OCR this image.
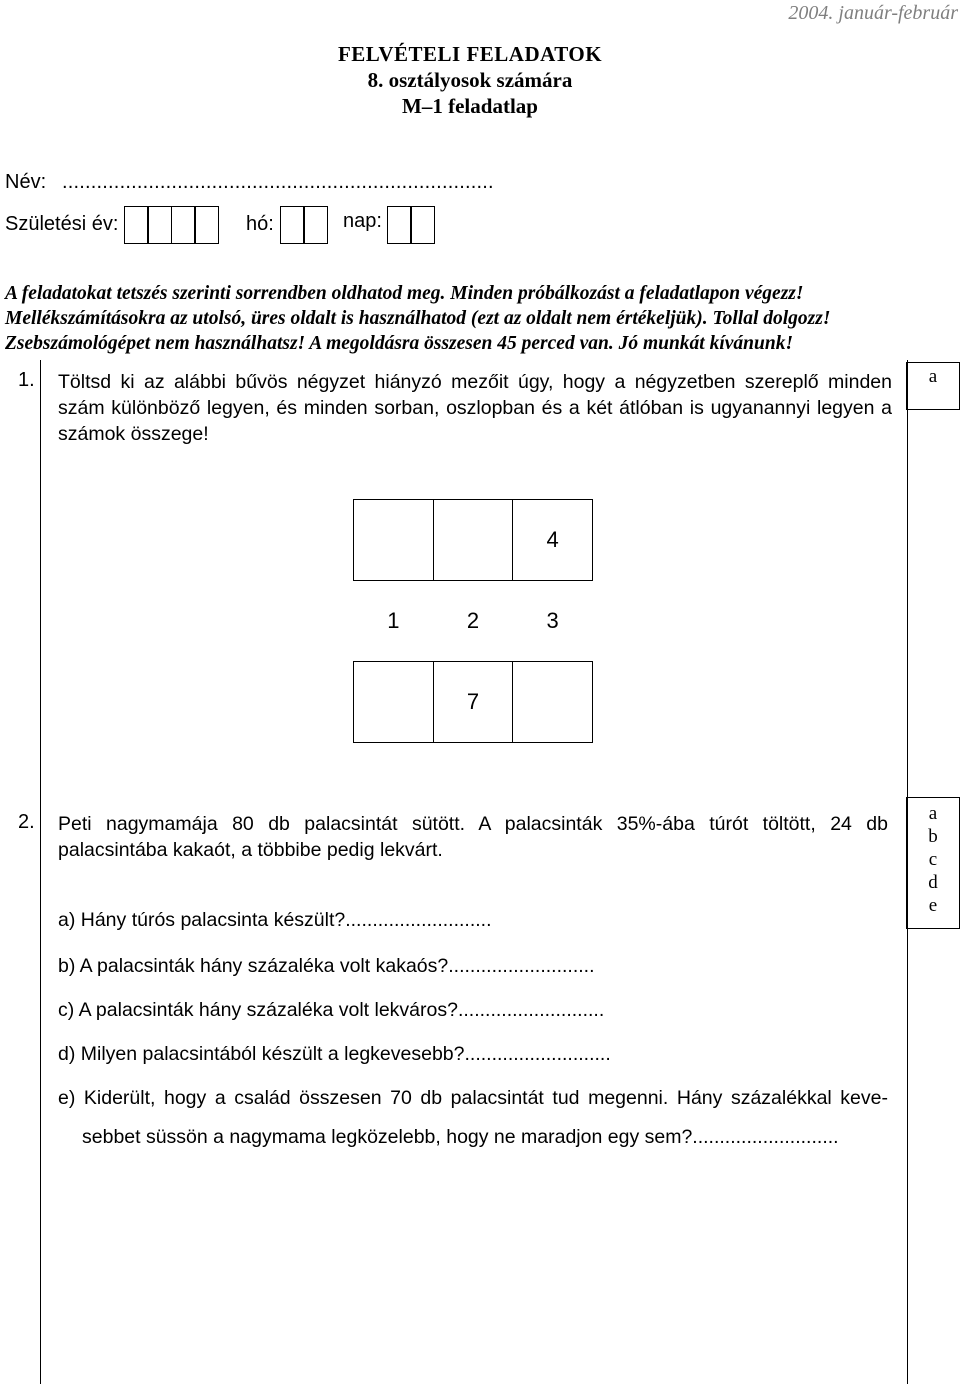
2004. január-február
FELVÉTELI FELADATOK
8. osztályosok számára
M–1 feladatlap
Név: ...........................................................................
Születési év:	hó:	nap:

A feladatokat tetszés szerinti sorrendben oldhatod meg. Minden próbálkozást a feladatlapon végezz!

Mellékszámításokra az utolsó, üres oldalt is használhatod (ezt az oldalt nem értékeljük). Tollal dolgozz!

Zsebszámológépet nem használhatsz! A megoldásra összesen 45 perced van. Jó munkát kívánunk!

a
1. Töltsd ki az alábbi bűvös négyzet hiányzó mezőit úgy, hogy a négyzetben szereplő minden szám különböző legyen, és minden sorban, oszlopban és a két átlóban is ugyanannyi legyen a számok összege!
		4
1	2	3
	7	
a
b
c
d
e
2. Peti nagymamája 80 db palacsintát sütött. A palacsinták 35%-ába túrót töltött, 24 db palacsintába kakaót, a többibe pedig lekvárt.
a) Hány túrós palacsinta készült?...........................
b) A palacsinták hány százaléka volt kakaós?...........................
c) A palacsinták hány százaléka volt lekváros?...........................
d) Milyen palacsintából készült a legkevesebb?...........................
e) Kiderült, hogy a család összesen 70 db palacsintát tud megenni. Hány százalékkal keve-
sebbet süssön a nagymama legközelebb, hogy ne maradjon egy sem?...........................
